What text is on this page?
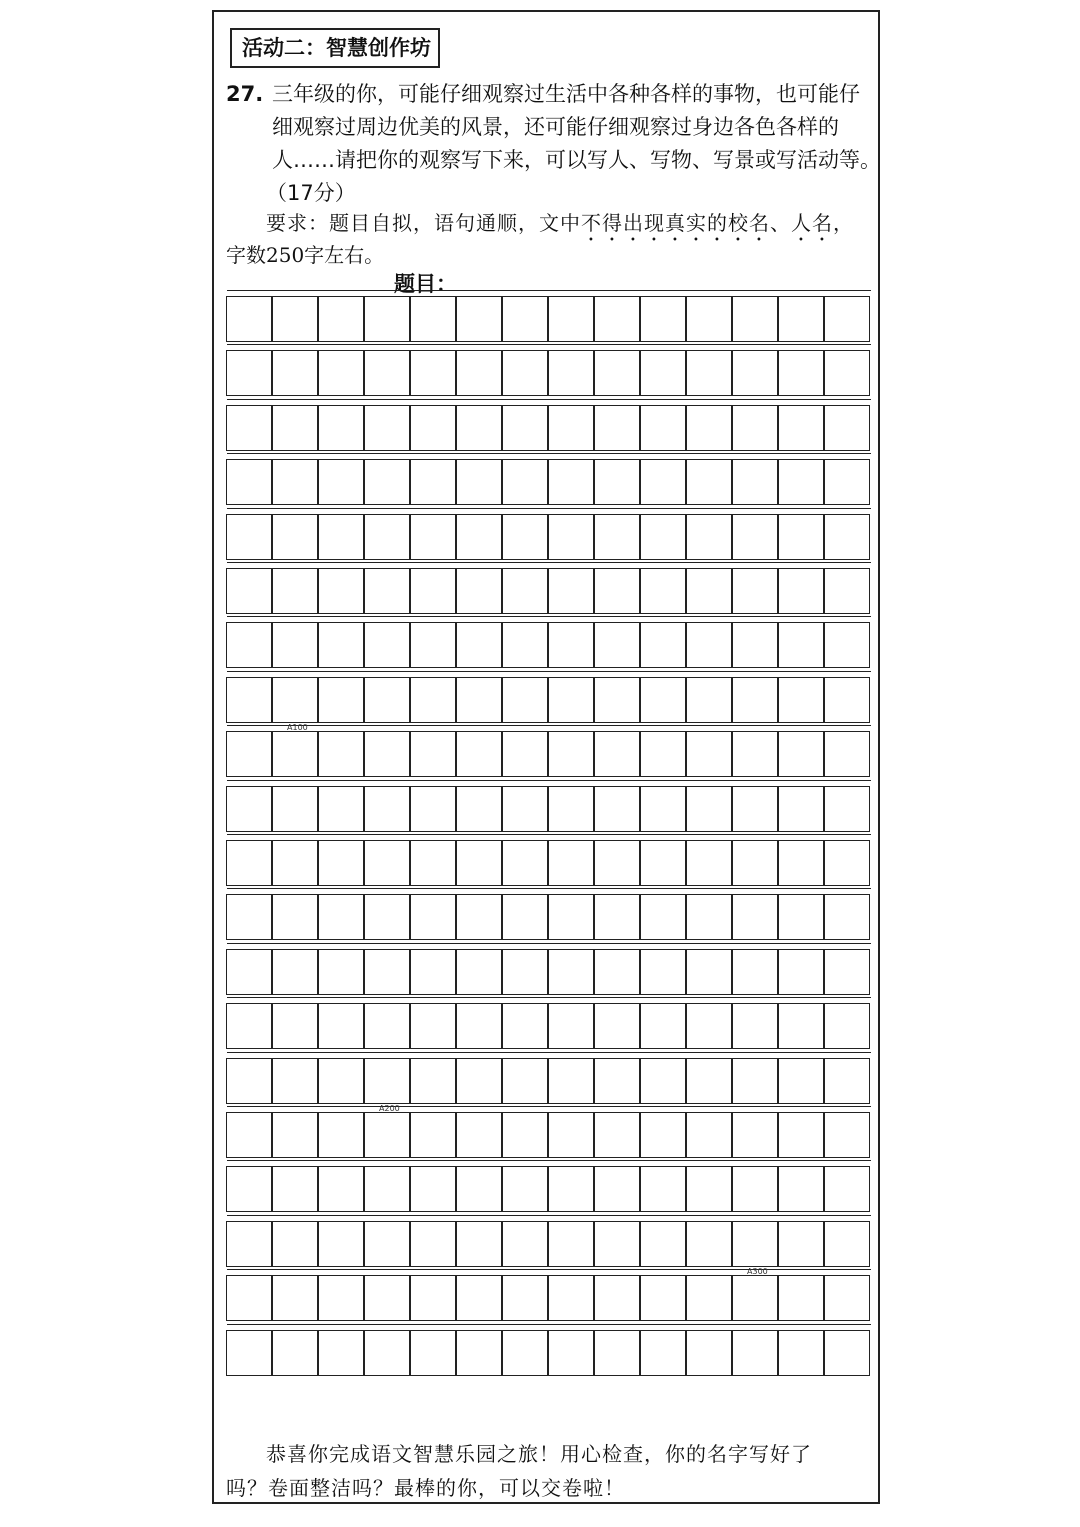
活动二：智慧创作坊
27. 三年级的你，可能仔细观察过生活中各种各样的事物，也可能仔
细观察过周边优美的风景，还可能仔细观察过身边各色各样的
人……请把你的观察写下来，可以写人、写物、写景或写活动等。
（17分）
要求：题目自拟，语句通顺，文中不得出现真实的校名、人名，
字数250字左右。
题目：
A100
A200
A300
恭喜你完成语文智慧乐园之旅！用心检查，你的名字写好了
吗？卷面整洁吗？最棒的你，可以交卷啦！
